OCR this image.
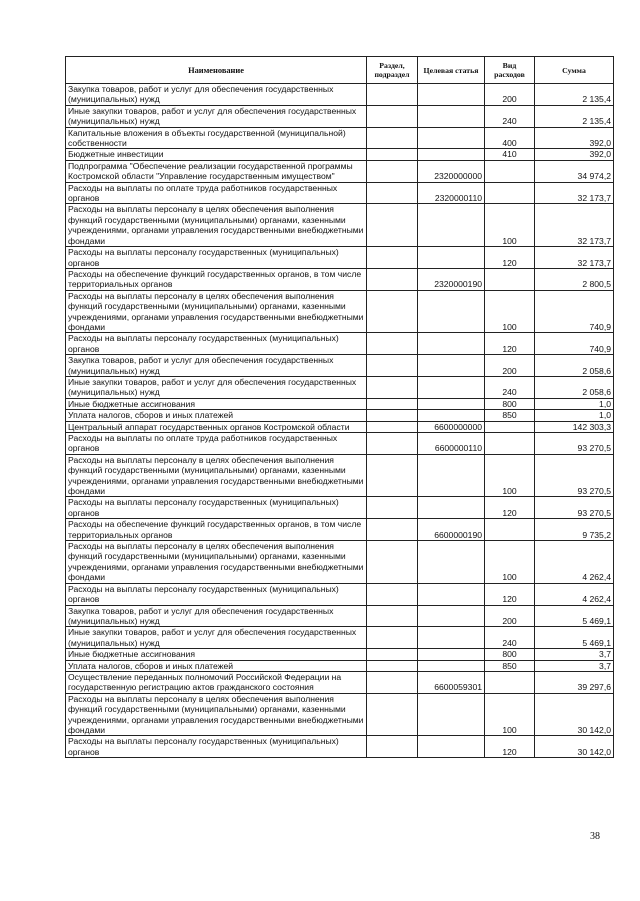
Наименование	Раздел, подраздел	Целевая статья	Вид расходов	Сумма
Закупка товаров, работ и услуг для обеспечения государственных (муниципальных) нужд			200	2 135,4
Иные закупки товаров, работ и услуг для обеспечения государственных (муниципальных) нужд			240	2 135,4
Капитальные вложения в объекты государственной (муниципальной) собственности			400	392,0
Бюджетные инвестиции			410	392,0
Подпрограмма "Обеспечение реализации государственной программы Костромской области "Управление государственным имуществом"		2320000000		34 974,2
Расходы на выплаты по оплате труда работников государственных органов		2320000110		32 173,7
Расходы на выплаты персоналу в целях обеспечения выполнения функций государственными (муниципальными) органами, казенными учреждениями, органами управления государственными внебюджетными фондами			100	32 173,7
Расходы на выплаты персоналу государственных (муниципальных) органов			120	32 173,7
Расходы на обеспечение функций государственных органов, в том числе территориальных органов		2320000190		2 800,5
Расходы на выплаты персоналу в целях обеспечения выполнения функций государственными (муниципальными) органами, казенными учреждениями, органами управления государственными внебюджетными фондами			100	740,9
Расходы на выплаты персоналу государственных (муниципальных) органов			120	740,9
Закупка товаров, работ и услуг для обеспечения государственных (муниципальных) нужд			200	2 058,6
Иные закупки товаров, работ и услуг для обеспечения государственных (муниципальных) нужд			240	2 058,6
Иные бюджетные ассигнования			800	1,0
Уплата налогов, сборов и иных платежей			850	1,0
Центральный аппарат государственных органов Костромской области		6600000000		142 303,3
Расходы на выплаты по оплате труда работников государственных органов		6600000110		93 270,5
Расходы на выплаты персоналу в целях обеспечения выполнения функций государственными (муниципальными) органами, казенными учреждениями, органами управления государственными внебюджетными фондами			100	93 270,5
Расходы на выплаты персоналу государственных (муниципальных) органов			120	93 270,5
Расходы на обеспечение функций государственных органов, в том числе территориальных органов		6600000190		9 735,2
Расходы на выплаты персоналу в целях обеспечения выполнения функций государственными (муниципальными) органами, казенными учреждениями, органами управления государственными внебюджетными фондами			100	4 262,4
Расходы на выплаты персоналу государственных (муниципальных) органов			120	4 262,4
Закупка товаров, работ и услуг для обеспечения государственных (муниципальных) нужд			200	5 469,1
Иные закупки товаров, работ и услуг для обеспечения государственных (муниципальных) нужд			240	5 469,1
Иные бюджетные ассигнования			800	3,7
Уплата налогов, сборов и иных платежей			850	3,7
Осуществление переданных полномочий Российской Федерации на государственную регистрацию актов гражданского состояния		6600059301		39 297,6
Расходы на выплаты персоналу в целях обеспечения выполнения функций государственными (муниципальными) органами, казенными учреждениями, органами управления государственными внебюджетными фондами			100	30 142,0
Расходы на выплаты персоналу государственных (муниципальных) органов			120	30 142,0
38
